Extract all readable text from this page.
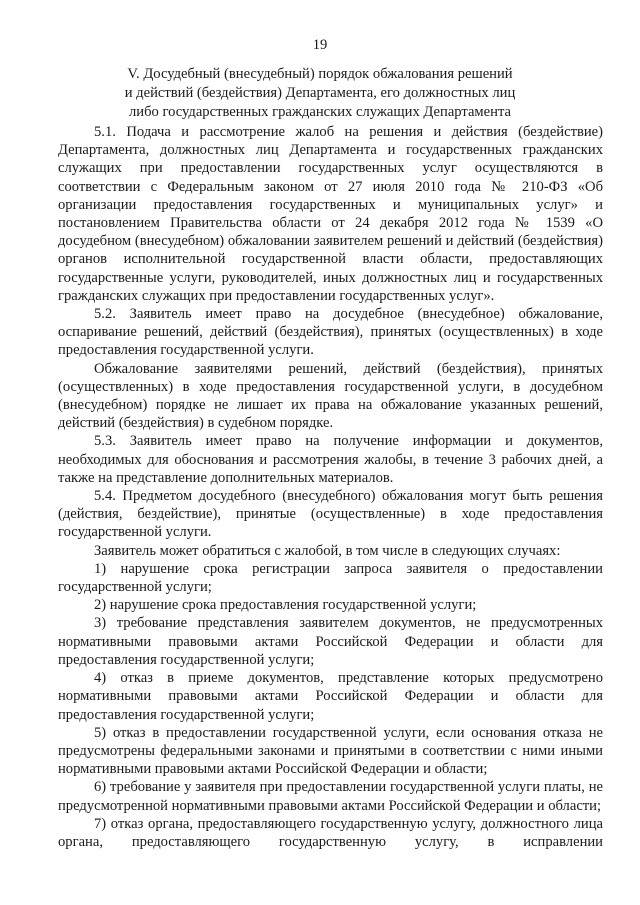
19
V. Досудебный (внесудебный) порядок обжалования решений
и действий (бездействия) Департамента, его должностных лиц
либо государственных гражданских служащих Департамента

5.1. Подача и рассмотрение жалоб на решения и действия (бездействие) Департамента, должностных лиц Департамента и государственных гражданских служащих при предоставлении государственных услуг осуществляются в соответствии с Федеральным законом от 27 июля 2010 года № 210-ФЗ «Об организации предоставления государственных и муниципальных услуг» и постановлением Правительства области от 24 декабря 2012 года № 1539 «О досудебном (внесудебном) обжаловании заявителем решений и действий (бездействия) органов исполнительной государственной власти области, предоставляющих государственные услуги, руководителей, иных должностных лиц и государственных гражданских служащих при предоставлении государственных услуг».

5.2. Заявитель имеет право на досудебное (внесудебное) обжалование, оспаривание решений, действий (бездействия), принятых (осуществленных) в ходе предоставления государственной услуги.

Обжалование заявителями решений, действий (бездействия), принятых (осуществленных) в ходе предоставления государственной услуги, в досудебном (внесудебном) порядке не лишает их права на обжалование указанных решений, действий (бездействия) в судебном порядке.

5.3. Заявитель имеет право на получение информации и документов, необходимых для обоснования и рассмотрения жалобы, в течение 3 рабочих дней, а также на представление дополнительных материалов.

5.4. Предметом досудебного (внесудебного) обжалования могут быть решения (действия, бездействие), принятые (осуществленные) в ходе предоставления государственной услуги.

Заявитель может обратиться с жалобой, в том числе в следующих случаях:

1) нарушение срока регистрации запроса заявителя о предоставлении государственной услуги;

2) нарушение срока предоставления государственной услуги;

3) требование представления заявителем документов, не предусмотренных нормативными правовыми актами Российской Федерации и области для предоставления государственной услуги;

4) отказ в приеме документов, представление которых предусмотрено нормативными правовыми актами Российской Федерации и области для предоставления государственной услуги;

5) отказ в предоставлении государственной услуги, если основания отказа не предусмотрены федеральными законами и принятыми в соответствии с ними иными нормативными правовыми актами Российской Федерации и области;

6) требование у заявителя при предоставлении государственной услуги платы, не предусмотренной нормативными правовыми актами Российской Федерации и области;

7) отказ органа, предоставляющего государственную услугу, должностного лица органа, предоставляющего государственную услугу, в исправлении
